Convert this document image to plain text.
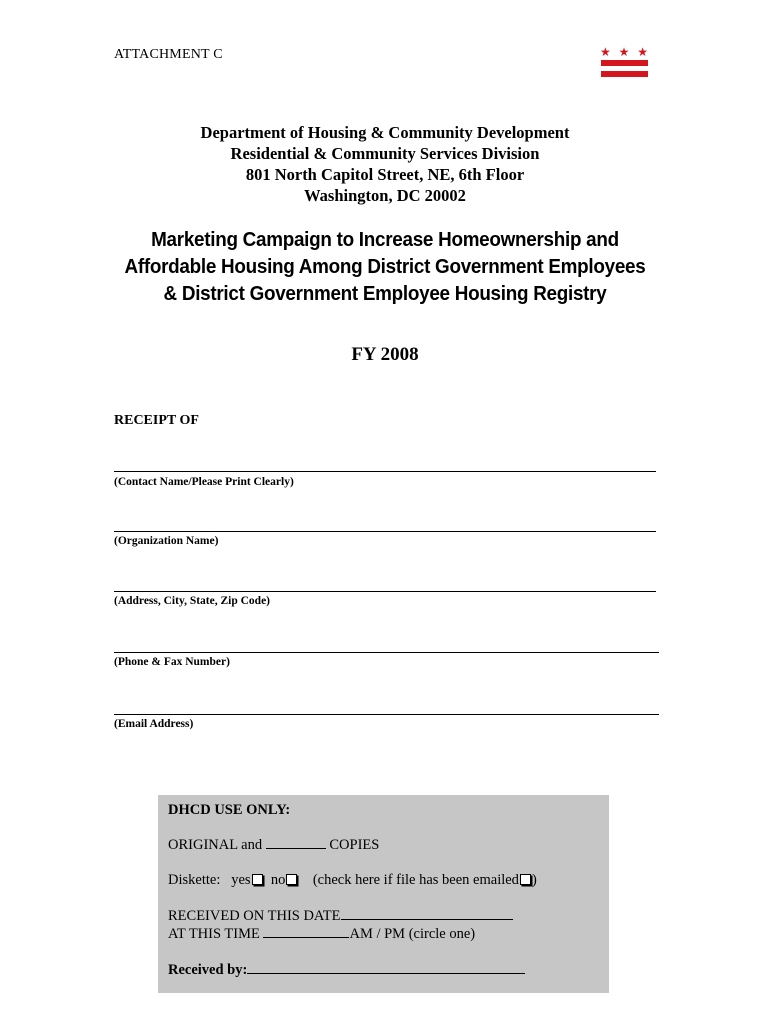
ATTACHMENT C	★ ★ ★
Department of Housing & Community Development
Residential & Community Services Division
801 North Capitol Street, NE, 6th Floor
Washington, DC 20002
Marketing Campaign to Increase Homeownership and
Affordable Housing Among District Government Employees
& District Government Employee Housing Registry
FY 2008
RECEIPT OF
(Contact Name/Please Print Clearly)
(Organization Name)
(Address, City, State, Zip Code)
(Phone & Fax Number)
(Email Address)
DHCD USE ONLY:
ORIGINAL and	COPIES
Diskette: yes no (check here if file has been emailed )
RECEIVED ON THIS DATE
AT THIS TIME	AM / PM (circle one)
Received by:
